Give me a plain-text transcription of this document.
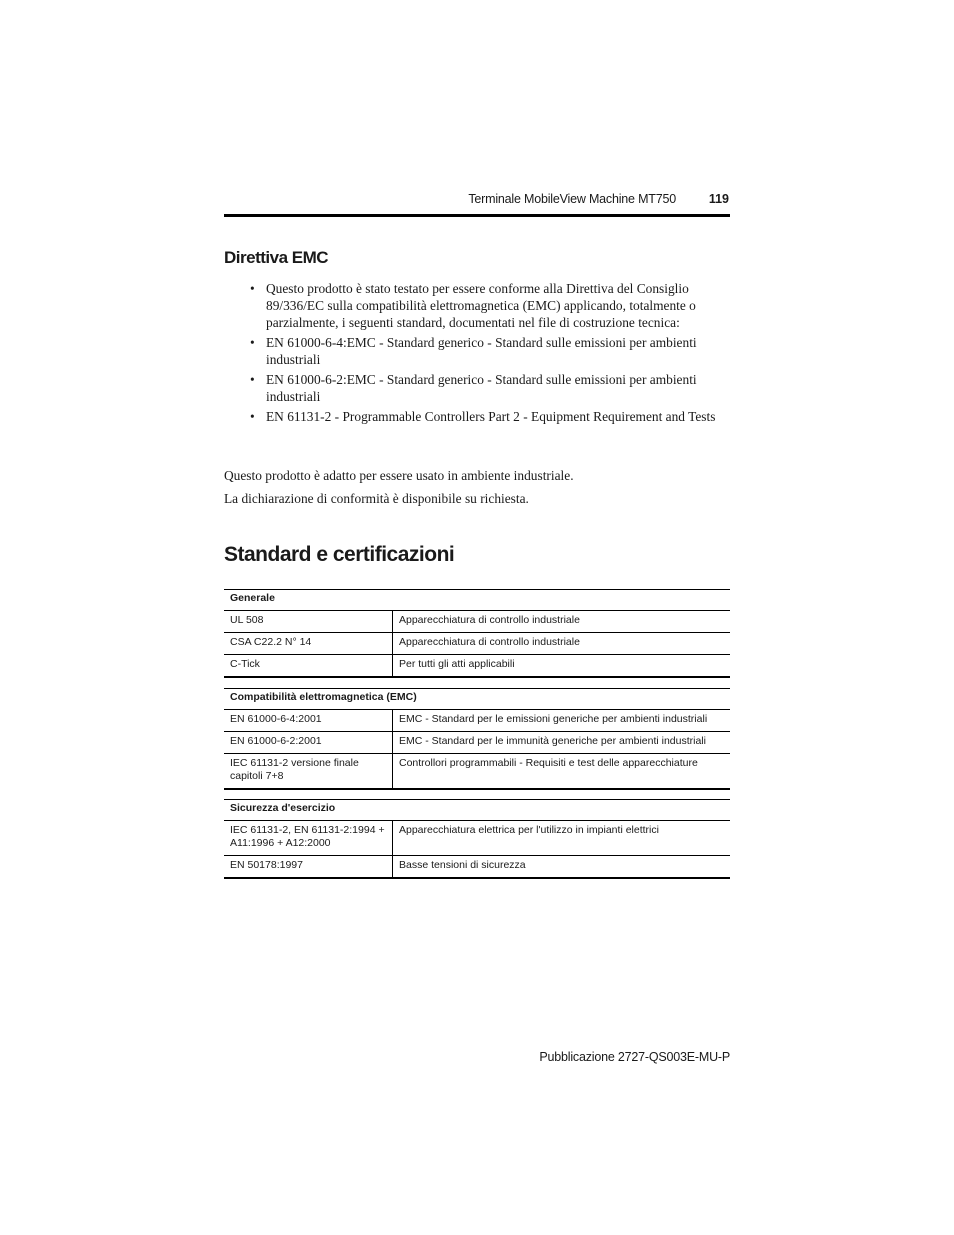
Terminale MobileView Machine MT750	119
Direttiva EMC
• Questo prodotto è stato testato per essere conforme alla Direttiva del Consiglio 89/336/EC sulla compatibilità elettromagnetica (EMC) applicando, totalmente o parzialmente, i seguenti standard, documentati nel file di costruzione tecnica:
• EN 61000-6-4:EMC - Standard generico - Standard sulle emissioni per ambienti industriali
• EN 61000-6-2:EMC - Standard generico - Standard sulle emissioni per ambienti industriali
• EN 61131-2 - Programmable Controllers Part 2 - Equipment Requirement and Tests

Questo prodotto è adatto per essere usato in ambiente industriale.

La dichiarazione di conformità è disponibile su richiesta.

Standard e certificazioni
Generale	
UL 508	Apparecchiatura di controllo industriale
CSA C22.2 N° 14	Apparecchiatura di controllo industriale
C-Tick	Per tutti gli atti applicabili
Compatibilità elettromagnetica (EMC)	
EN 61000-6-4:2001	EMC - Standard per le emissioni generiche per ambienti industriali
EN 61000-6-2:2001	EMC - Standard per le immunità generiche per ambienti industriali
IEC 61131-2 versione finale capitoli 7+8	Controllori programmabili - Requisiti e test delle apparecchiature
Sicurezza d'esercizio	
IEC 61131-2, EN 61131-2:1994 + A11:1996 + A12:2000	Apparecchiatura elettrica per l'utilizzo in impianti elettrici
EN 50178:1997	Basse tensioni di sicurezza
Pubblicazione 2727-QS003E-MU-P
